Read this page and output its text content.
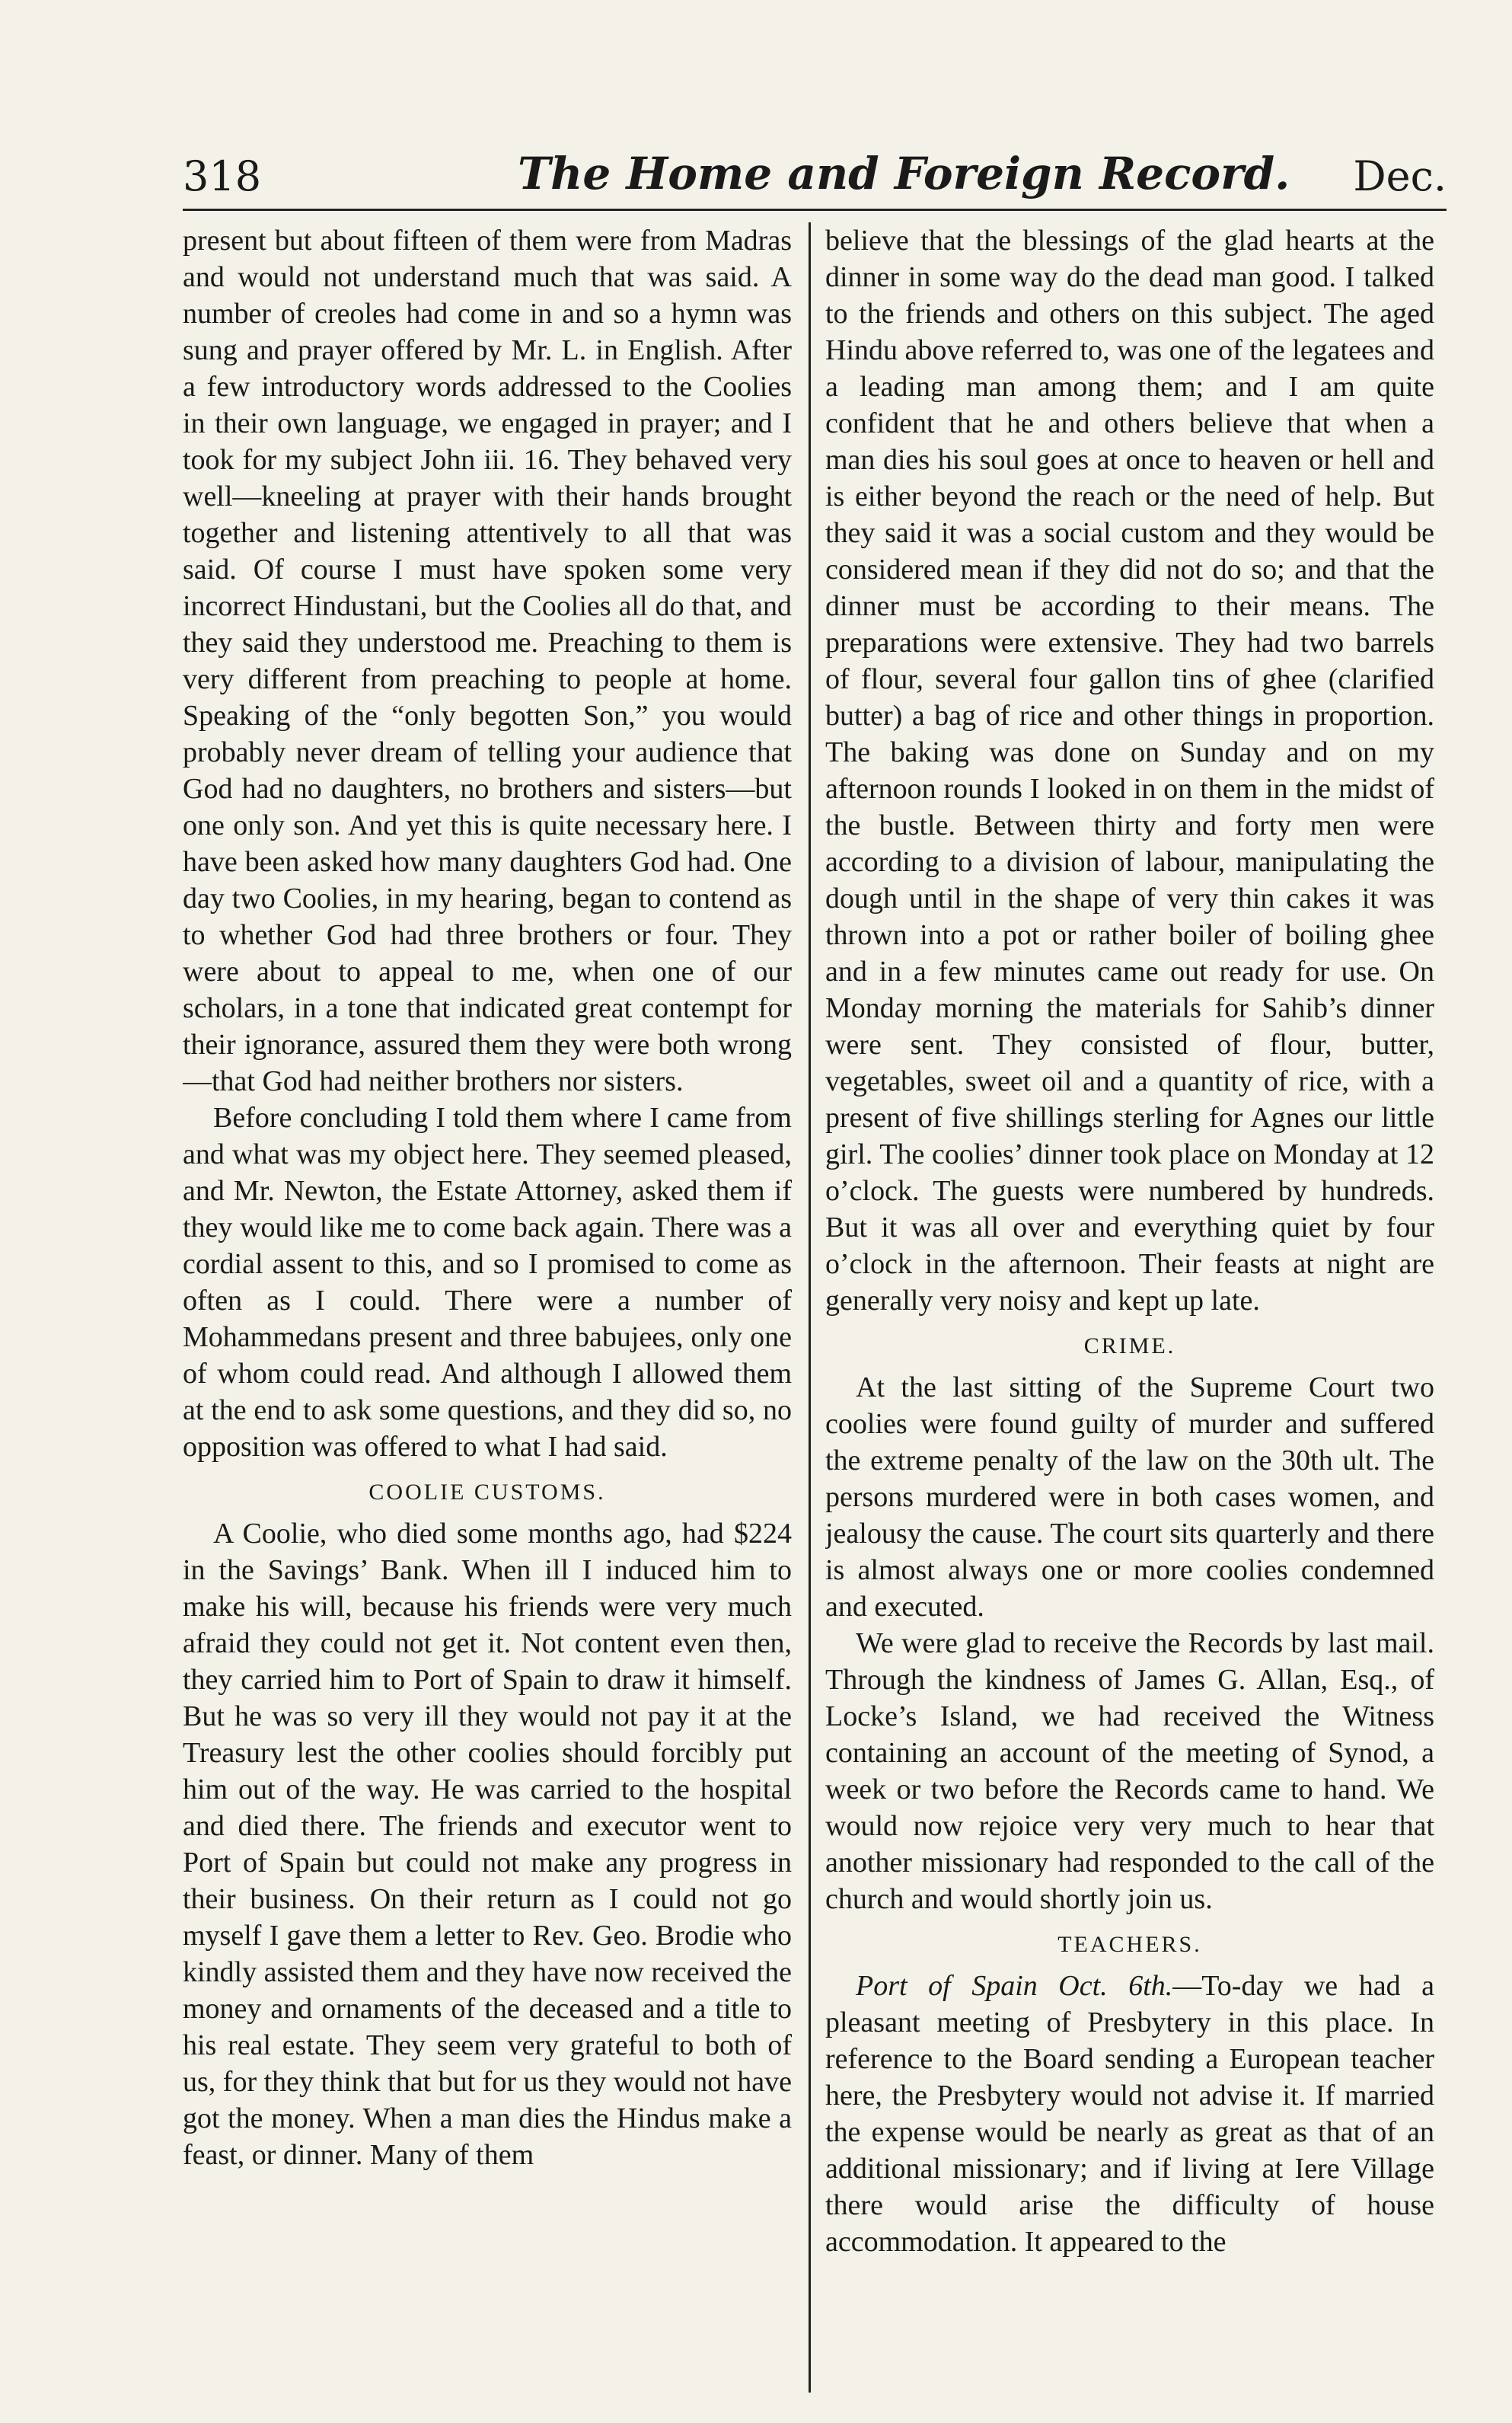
318	The Home and Foreign Record. Dec.

present but about fifteen of them were from Madras and would not understand much that was said. A number of creoles had come in and so a hymn was sung and prayer offered by Mr. L. in English. After a few introductory words addressed to the Coolies in their own language, we engaged in prayer; and I took for my subject John iii. 16. They behaved very well—kneeling at prayer with their hands brought together and listening attentively to all that was said. Of course I must have spoken some very incorrect Hindustani, but the Coolies all do that, and they said they understood me. Preaching to them is very different from preaching to people at home. Speaking of the “only begotten Son,” you would probably never dream of telling your audience that God had no daughters, no brothers and sisters—but one only son. And yet this is quite necessary here. I have been asked how many daughters God had. One day two Coolies, in my hearing, began to contend as to whether God had three brothers or four. They were about to appeal to me, when one of our scholars, in a tone that indicated great contempt for their ignorance, assured them they were both wrong—that God had neither brothers nor sisters.

Before concluding I told them where I came from and what was my object here. They seemed pleased, and Mr. Newton, the Estate Attorney, asked them if they would like me to come back again. There was a cordial assent to this, and so I promised to come as often as I could. There were a number of Mohammedans present and three babujees, only one of whom could read. And although I allowed them at the end to ask some questions, and they did so, no opposition was offered to what I had said.

COOLIE CUSTOMS.

A Coolie, who died some months ago, had $224 in the Savings’ Bank. When ill I induced him to make his will, because his friends were very much afraid they could not get it. Not content even then, they carried him to Port of Spain to draw it himself. But he was so very ill they would not pay it at the Treasury lest the other coolies should forcibly put him out of the way. He was carried to the hospital and died there. The friends and executor went to Port of Spain but could not make any progress in their business. On their return as I could not go myself I gave them a letter to Rev. Geo. Brodie who kindly assisted them and they have now received the money and ornaments of the deceased and a title to his real estate. They seem very grateful to both of us, for they think that but for us they would not have got the money. When a man dies the Hindus make a feast, or dinner. Many of them

believe that the blessings of the glad hearts at the dinner in some way do the dead man good. I talked to the friends and others on this subject. The aged Hindu above referred to, was one of the legatees and a leading man among them; and I am quite confident that he and others believe that when a man dies his soul goes at once to heaven or hell and is either beyond the reach or the need of help. But they said it was a social custom and they would be considered mean if they did not do so; and that the dinner must be according to their means. The preparations were extensive. They had two barrels of flour, several four gallon tins of ghee (clarified butter) a bag of rice and other things in proportion. The baking was done on Sunday and on my afternoon rounds I looked in on them in the midst of the bustle. Between thirty and forty men were according to a division of labour, manipulating the dough until in the shape of very thin cakes it was thrown into a pot or rather boiler of boiling ghee and in a few minutes came out ready for use. On Monday morning the materials for Sahib’s dinner were sent. They consisted of flour, butter, vegetables, sweet oil and a quantity of rice, with a present of five shillings sterling for Agnes our little girl. The coolies’ dinner took place on Monday at 12 o’clock. The guests were numbered by hundreds. But it was all over and everything quiet by four o’clock in the afternoon. Their feasts at night are generally very noisy and kept up late.

CRIME.

At the last sitting of the Supreme Court two coolies were found guilty of murder and suffered the extreme penalty of the law on the 30th ult. The persons murdered were in both cases women, and jealousy the cause. The court sits quarterly and there is almost always one or more coolies condemned and executed.

We were glad to receive the Records by last mail. Through the kindness of James G. Allan, Esq., of Locke’s Island, we had received the Witness containing an account of the meeting of Synod, a week or two before the Records came to hand. We would now rejoice very very much to hear that another missionary had responded to the call of the church and would shortly join us.

TEACHERS.

Port of Spain Oct. 6th.—To-day we had a pleasant meeting of Presbytery in this place. In reference to the Board sending a European teacher here, the Presbytery would not advise it. If married the expense would be nearly as great as that of an additional missionary; and if living at Iere Village there would arise the difficulty of house accommodation. It appeared to the
